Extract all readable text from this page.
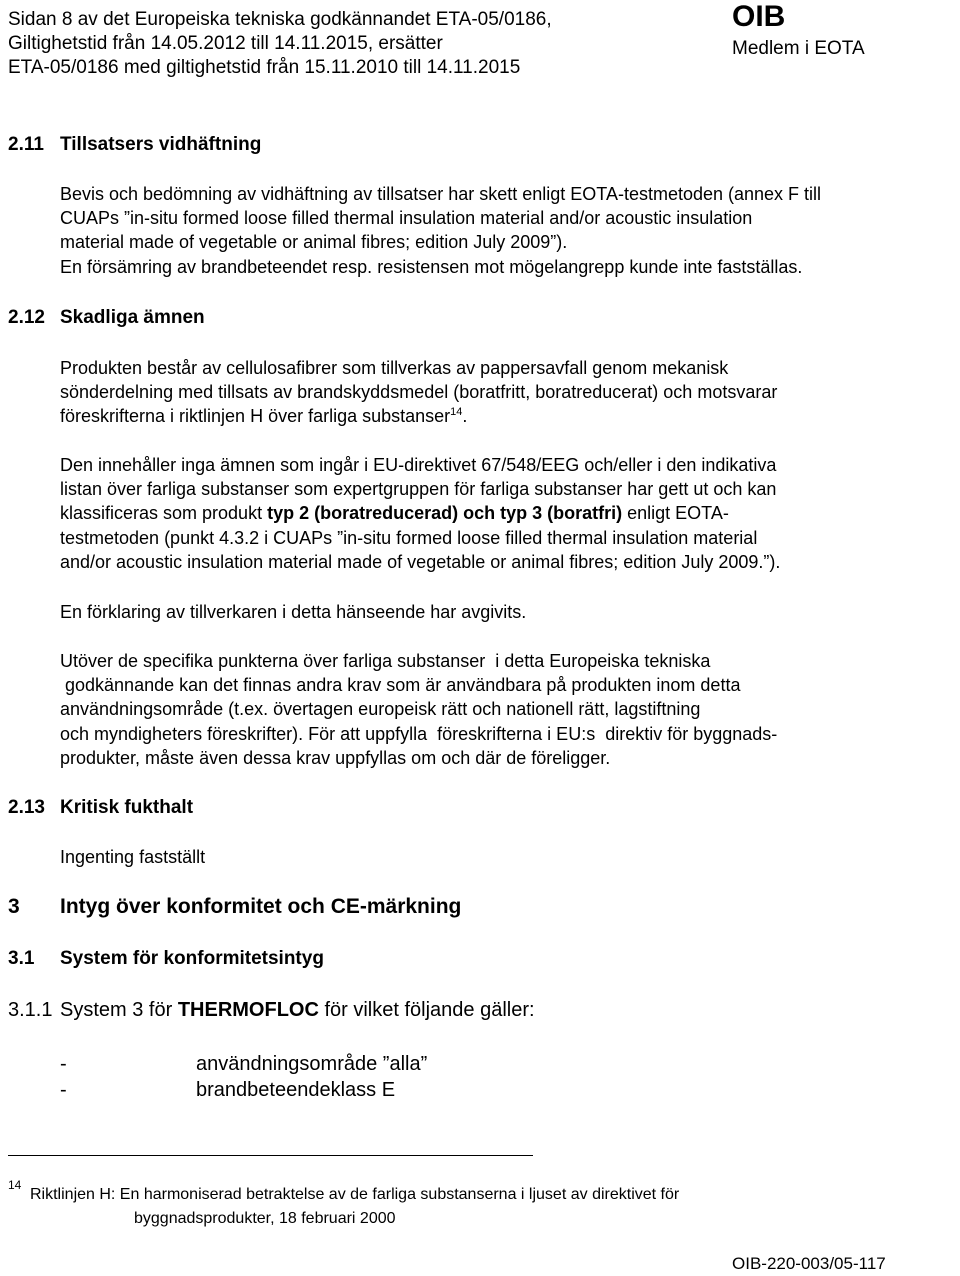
Sidan 8 av det Europeiska tekniska godkännandet ETA-05/0186,
Giltighetstid från 14.05.2012 till 14.11.2015, ersätter
ETA-05/0186 med giltighetstid från 15.11.2010 till 14.11.2015
OIB
Medlem i EOTA
2.11 Tillsatsers vidhäftning
Bevis och bedömning av vidhäftning av tillsatser har skett enligt EOTA-testmetoden (annex F till
CUAPs ”in-situ formed loose filled thermal insulation material and/or acoustic insulation
material made of vegetable or animal fibres; edition July 2009”).
En försämring av brandbeteendet resp. resistensen mot mögelangrepp kunde inte fastställas.
2.12 Skadliga ämnen
Produkten består av cellulosafibrer som tillverkas av pappersavfall genom mekanisk
sönderdelning med tillsats av brandskyddsmedel (boratfritt, boratreducerat) och motsvarar
föreskrifterna i riktlinjen H över farliga substanser$^{14}$.
Den innehåller inga ämnen som ingår i EU-direktivet 67/548/EEG och/eller i den indikativa
listan över farliga substanser som expertgruppen för farliga substanser har gett ut och kan
klassificeras som produkt typ 2 (boratreducerad) och typ 3 (boratfri) enligt EOTA-
testmetoden (punkt 4.3.2 i CUAPs ”in-situ formed loose filled thermal insulation material
and/or acoustic insulation material made of vegetable or animal fibres; edition July 2009.”).
En förklaring av tillverkaren i detta hänseende har avgivits.
Utöver de specifika punkterna över farliga substanser  i detta Europeiska tekniska
godkännande kan det finnas andra krav som är användbara på produkten inom detta
användningsområde (t.ex. övertagen europeisk rätt och nationell rätt, lagstiftning
och myndigheters föreskrifter). För att uppfylla  föreskrifterna i EU:s  direktiv för byggnads-
produkter, måste även dessa krav uppfyllas om och där de föreligger.
2.13 Kritisk fukthalt
Ingenting fastställt
3 Intyg över konformitet och CE-märkning
3.1 System för konformitetsintyg
3.1.1 System 3 för THERMOFLOC för vilket följande gäller:
-	användningsområde ”alla”
-	brandbeteendeklass E
14
Riktlinjen H: En harmoniserad betraktelse av de farliga substanserna i ljuset av direktivet för
byggnadsprodukter, 18 februari 2000
OIB-220-003/05-117
